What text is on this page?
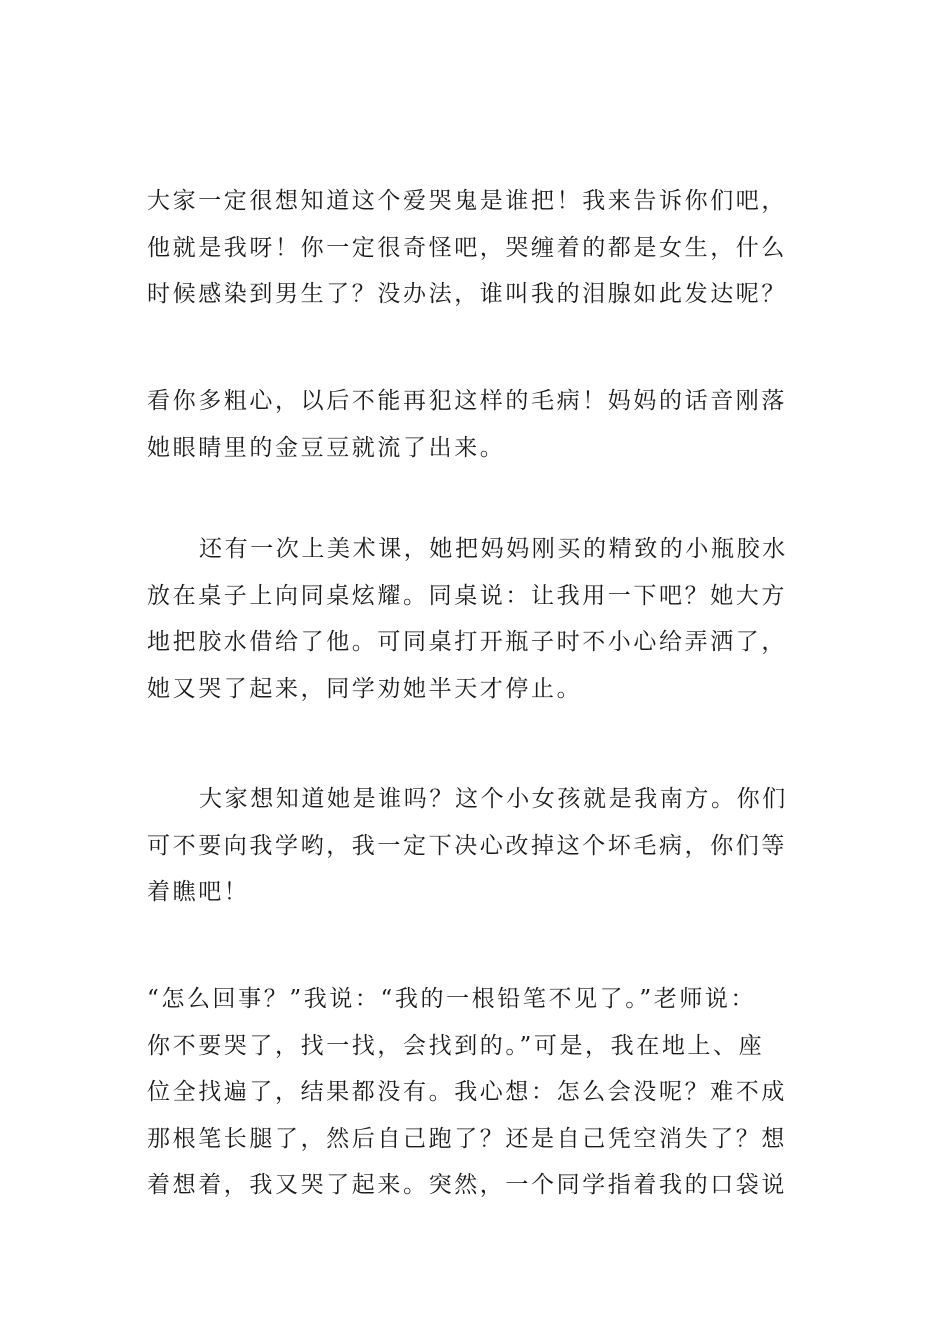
大家一定很想知道这个爱哭鬼是谁把！我来告诉你们吧，
他就是我呀！你一定很奇怪吧，哭缠着的都是女生，什么
时候感染到男生了？没办法，谁叫我的泪腺如此发达呢？

看你多粗心，以后不能再犯这样的毛病！妈妈的话音刚落
她眼睛里的金豆豆就流了出来。

还有一次上美术课，她把妈妈刚买的精致的小瓶胶水
放在桌子上向同桌炫耀。同桌说：让我用一下吧？她大方
地把胶水借给了他。可同桌打开瓶子时不小心给弄洒了，
她又哭了起来，同学劝她半天才停止。

大家想知道她是谁吗？这个小女孩就是我南方。你们
可不要向我学哟，我一定下决心改掉这个坏毛病，你们等
着瞧吧！

“怎么回事？”我说：“我的一根铅笔不见了。”老师说：
你不要哭了，找一找，会找到的。”可是，我在地上、座
位全找遍了，结果都没有。我心想：怎么会没呢？难不成
那根笔长腿了，然后自己跑了？还是自己凭空消失了？想
着想着，我又哭了起来。突然，一个同学指着我的口袋说
